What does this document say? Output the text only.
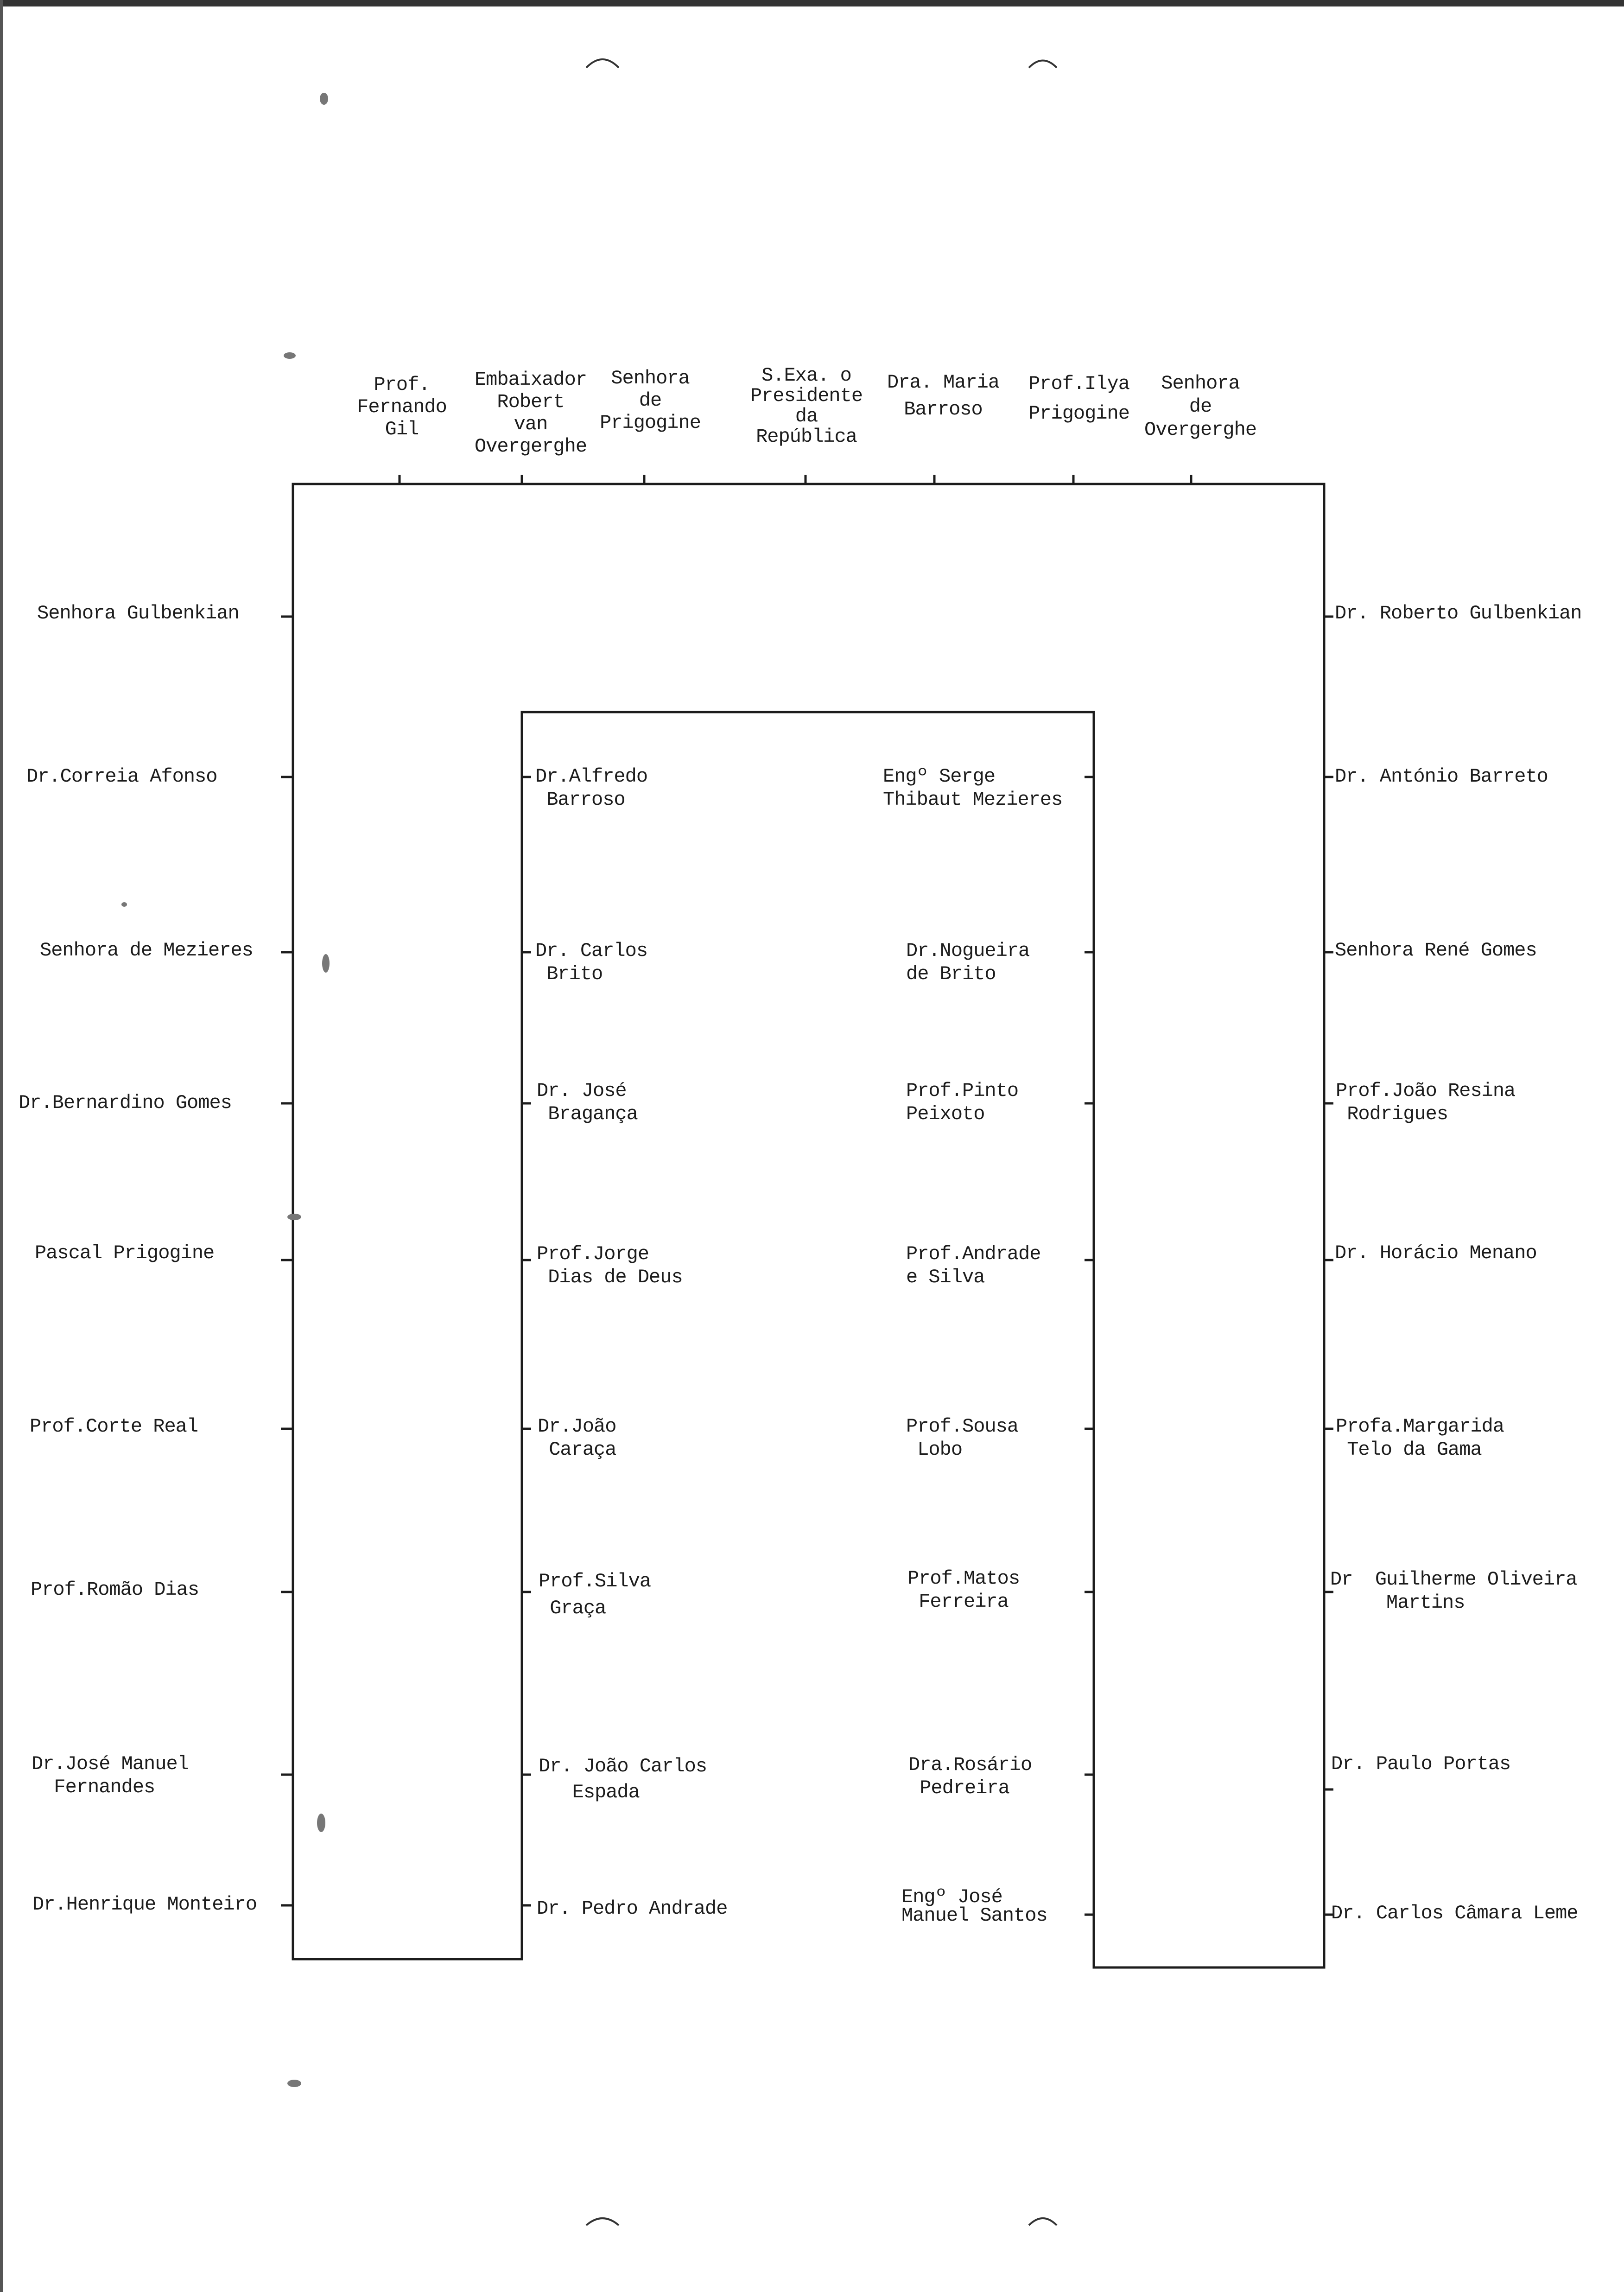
Prof.
Fernando
Gil
Embaixador
Robert
van
Overgerghe
Senhora
de
Prigogine
S.Exa. o
Presidente
da
República
Dra. Maria
Barroso
Prof.Ilya
Prigogine
Senhora
de
Overgerghe
Senhora Gulbenkian
Dr.Correia Afonso
Senhora de Mezieres
Dr.Bernardino Gomes
Pascal Prigogine
Prof.Corte Real
Prof.Romão Dias
Dr.José Manuel
Fernandes
Dr.Henrique Monteiro
Dr.Alfredo
Barroso
Dr. Carlos
Brito
Dr. José
Bragança
Prof.Jorge
Dias de Deus
Dr.João
Caraça
Prof.Silva
Graça
Dr. João Carlos
Espada
Dr. Pedro Andrade
Engº Serge
Thibaut Mezieres
Dr.Nogueira
de Brito
Prof.Pinto
Peixoto
Prof.Andrade
e Silva
Prof.Sousa
Lobo
Prof.Matos
Ferreira
Dra.Rosário
Pedreira
Engº José
Manuel Santos
Dr. Roberto Gulbenkian
Dr. António Barreto
Senhora René Gomes
Prof.João Resina
Rodrigues
Dr. Horácio Menano
Profa.Margarida
Telo da Gama
Dr  Guilherme Oliveira
Martins
Dr. Paulo Portas
Dr. Carlos Câmara Leme
